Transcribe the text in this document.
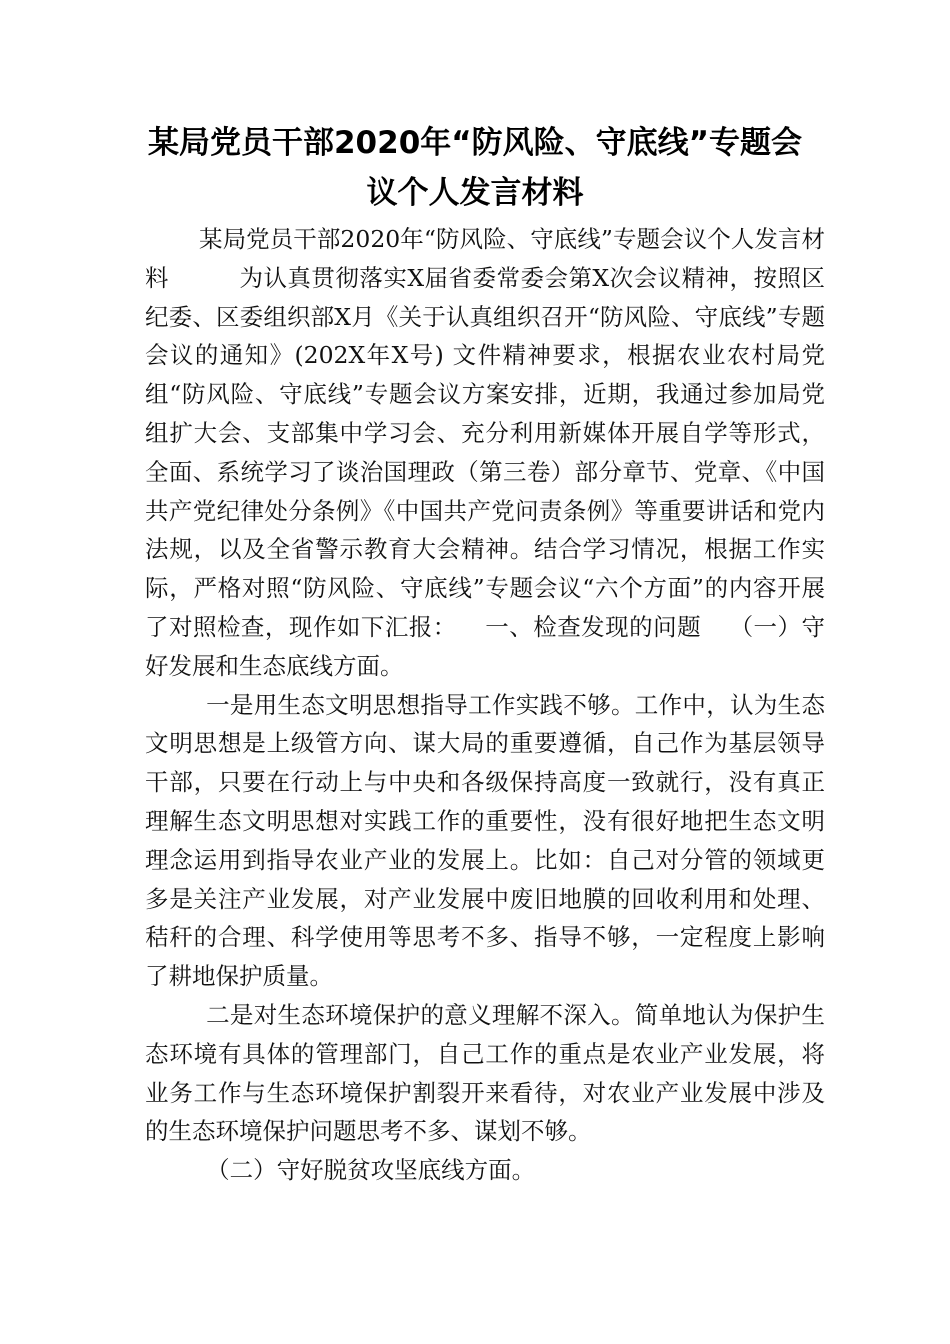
某局党员干部2020年“防风险、守底线”专题会议个人发言材料

某局党员干部2020年“防风险、守底线”专题会议个人发言材料	为认真贯彻落实X届省委常委会第X次会议精神，按照区纪委、区委组织部X月《关于认真组织召开“防风险、守底线”专题会议的通知》(202X年X号) 文件精神要求，根据农业农村局党组“防风险、守底线”专题会议方案安排，近期，我通过参加局党组扩大会、支部集中学习会、充分利用新媒体开展自学等形式，全面、系统学习了谈治国理政（第三卷）部分章节、党章、《中国共产党纪律处分条例》《中国共产党问责条例》等重要讲话和党内法规，以及全省警示教育大会精神。结合学习情况，根据工作实际，严格对照“防风险、守底线”专题会议“六个方面”的内容开展了对照检查，现作如下汇报： 一、检查发现的问题 （一）守好发展和生态底线方面。

一是用生态文明思想指导工作实践不够。工作中，认为生态文明思想是上级管方向、谋大局的重要遵循，自己作为基层领导干部，只要在行动上与中央和各级保持高度一致就行，没有真正理解生态文明思想对实践工作的重要性，没有很好地把生态文明理念运用到指导农业产业的发展上。比如：自己对分管的领域更多是关注产业发展，对产业发展中废旧地膜的回收利用和处理、秸秆的合理、科学使用等思考不多、指导不够，一定程度上影响了耕地保护质量。

二是对生态环境保护的意义理解不深入。简单地认为保护生态环境有具体的管理部门，自己工作的重点是农业产业发展，将业务工作与生态环境保护割裂开来看待，对农业产业发展中涉及的生态环境保护问题思考不多、谋划不够。

（二）守好脱贫攻坚底线方面。
